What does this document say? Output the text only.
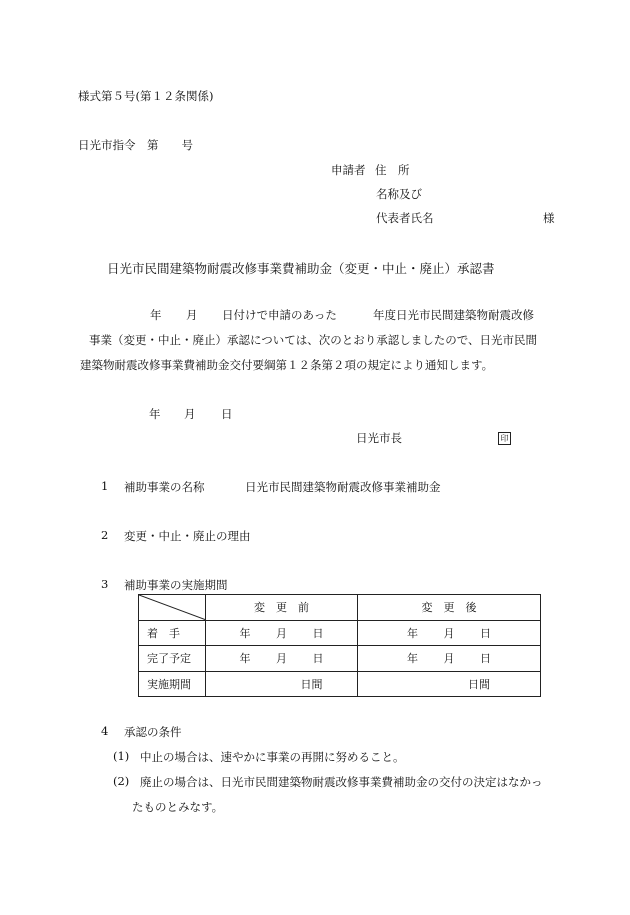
様式第５号(第１２条関係)
日光市指令　第　　号
申請者 住　所
名称及び
代表者氏名	様
日光市民間建築物耐震改修事業費補助金（変更・中止・廃止）承認書
年 月 日付けで申請のあった	年度日光市民間建築物耐震改修
事業（変更・中止・廃止）承認については、次のとおり承認しましたので、日光市民間
建築物耐震改修事業費補助金交付要綱第１２条第２項の規定により通知します。
年 月 日
日光市長	印
1 補助事業の名称	日光市民間建築物耐震改修事業補助金
2 変更・中止・廃止の理由
3 補助事業の実施期間
	変　更　前	変　更　後
着　手	年 月 日	年 月 日
完了予定	年 月 日	年 月 日
実施期間	日間	日間
4 承認の条件
(1) 中止の場合は、速やかに事業の再開に努めること。
(2) 廃止の場合は、日光市民間建築物耐震改修事業費補助金の交付の決定はなかっ
たものとみなす。
